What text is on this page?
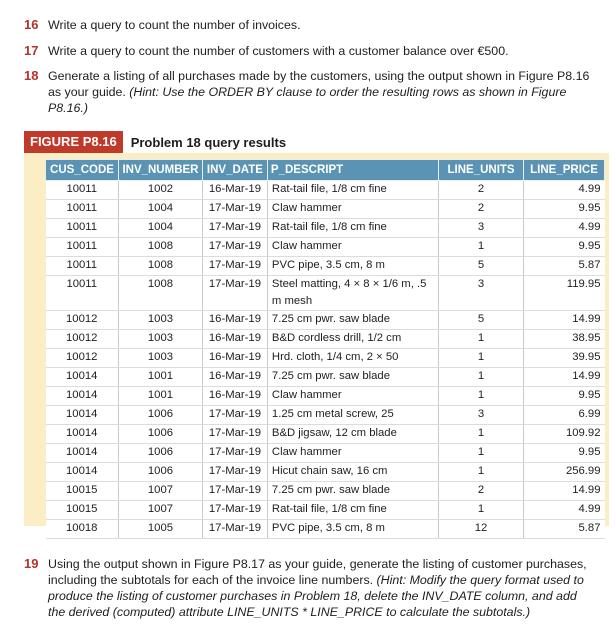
16 Write a query to count the number of invoices.
17 Write a query to count the number of customers with a customer balance over €500.
18 Generate a listing of all purchases made by the customers, using the output shown in Figure P8.16 as your guide. (Hint: Use the ORDER BY clause to order the resulting rows as shown in Figure P8.16.)
FIGURE P8.16	Problem 18 query results
CUS_CODE	INV_NUMBER	INV_DATE	P_DESCRIPT	LINE_UNITS	LINE_PRICE
10011	1002	16-Mar-19	Rat-tail file, 1/8 cm fine	2	4.99
10011	1004	17-Mar-19	Claw hammer	2	9.95
10011	1004	17-Mar-19	Rat-tail file, 1/8 cm fine	3	4.99
10011	1008	17-Mar-19	Claw hammer	1	9.95
10011	1008	17-Mar-19	PVC pipe, 3.5 cm, 8 m	5	5.87
10011	1008	17-Mar-19	Steel matting, 4 × 8 × 1/6 m, .5 m mesh	3	119.95
10012	1003	16-Mar-19	7.25 cm pwr. saw blade	5	14.99
10012	1003	16-Mar-19	B&D cordless drill, 1/2 cm	1	38.95
10012	1003	16-Mar-19	Hrd. cloth, 1/4 cm, 2 × 50	1	39.95
10014	1001	16-Mar-19	7.25 cm pwr. saw blade	1	14.99
10014	1001	16-Mar-19	Claw hammer	1	9.95
10014	1006	17-Mar-19	1.25 cm metal screw, 25	3	6.99
10014	1006	17-Mar-19	B&D jigsaw, 12 cm blade	1	109.92
10014	1006	17-Mar-19	Claw hammer	1	9.95
10014	1006	17-Mar-19	Hicut chain saw, 16 cm	1	256.99
10015	1007	17-Mar-19	7.25 cm pwr. saw blade	2	14.99
10015	1007	17-Mar-19	Rat-tail file, 1/8 cm fine	1	4.99
10018	1005	17-Mar-19	PVC pipe, 3.5 cm, 8 m	12	5.87
19 Using the output shown in Figure P8.17 as your guide, generate the listing of customer purchases, including the subtotals for each of the invoice line numbers. (Hint: Modify the query format used to produce the listing of customer purchases in Problem 18, delete the INV_DATE column, and add the derived (computed) attribute LINE_UNITS * LINE_PRICE to calculate the subtotals.)
